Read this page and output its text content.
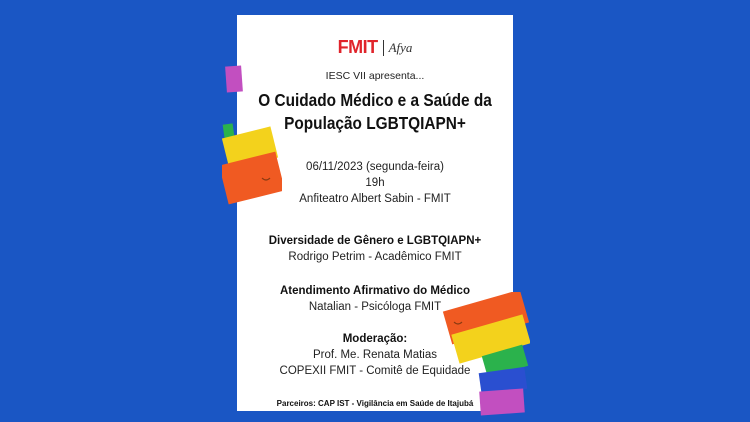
FMIT Afya
IESC VII apresenta...
O Cuidado Médico e a Saúde da
População LGBTQIAPN+
06/11/2023 (segunda-feira)
19h
Anfiteatro Albert Sabin - FMIT
Diversidade de Gênero e LGBTQIAPN+
Rodrigo Petrim - Acadêmico FMIT
Atendimento Afirmativo do Médico
Natalian - Psicóloga FMIT
Moderação:
Prof. Me. Renata Matias
COPEXII FMIT - Comitê de Equidade
Parceiros: CAP IST - Vigilância em Saúde de Itajubá
